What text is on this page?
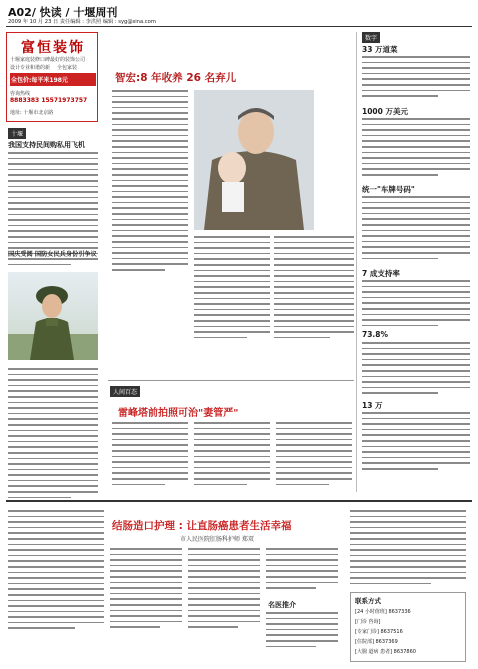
A02/ 快读 / 十堰周刊
2009 年 10 月 23 日 责任编辑 : 李洪照 编辑 : syg@sina.com
富恒装饰
十堰家庭装修口碑最好的装饰公司
设计专业和谐的新 全包家装
全包价:每平米198元
咨询热线
8883383 15571973757
地址: 十堰市北京路
十堰
我国支持民间购私用飞机
国庆受阅 国防女民兵身份引争议
智宏:8 年收养 26 名弃儿
数字
33 万道菜
1000 万美元
统一"车牌号码"
7 成支持率
73.8%
13 万
人间百态
雷峰塔前拍照可治"妻管严"
结肠造口护理 : 让直肠癌患者生活幸福
市人民医院肛肠科护师 郑双
名医推介	联系方式
[24 小时值班] 8637336
[门诊 咨询]
[专家门诊] 8637516
[住院部] 8637369
[大腸 道病 患者] 8637860
